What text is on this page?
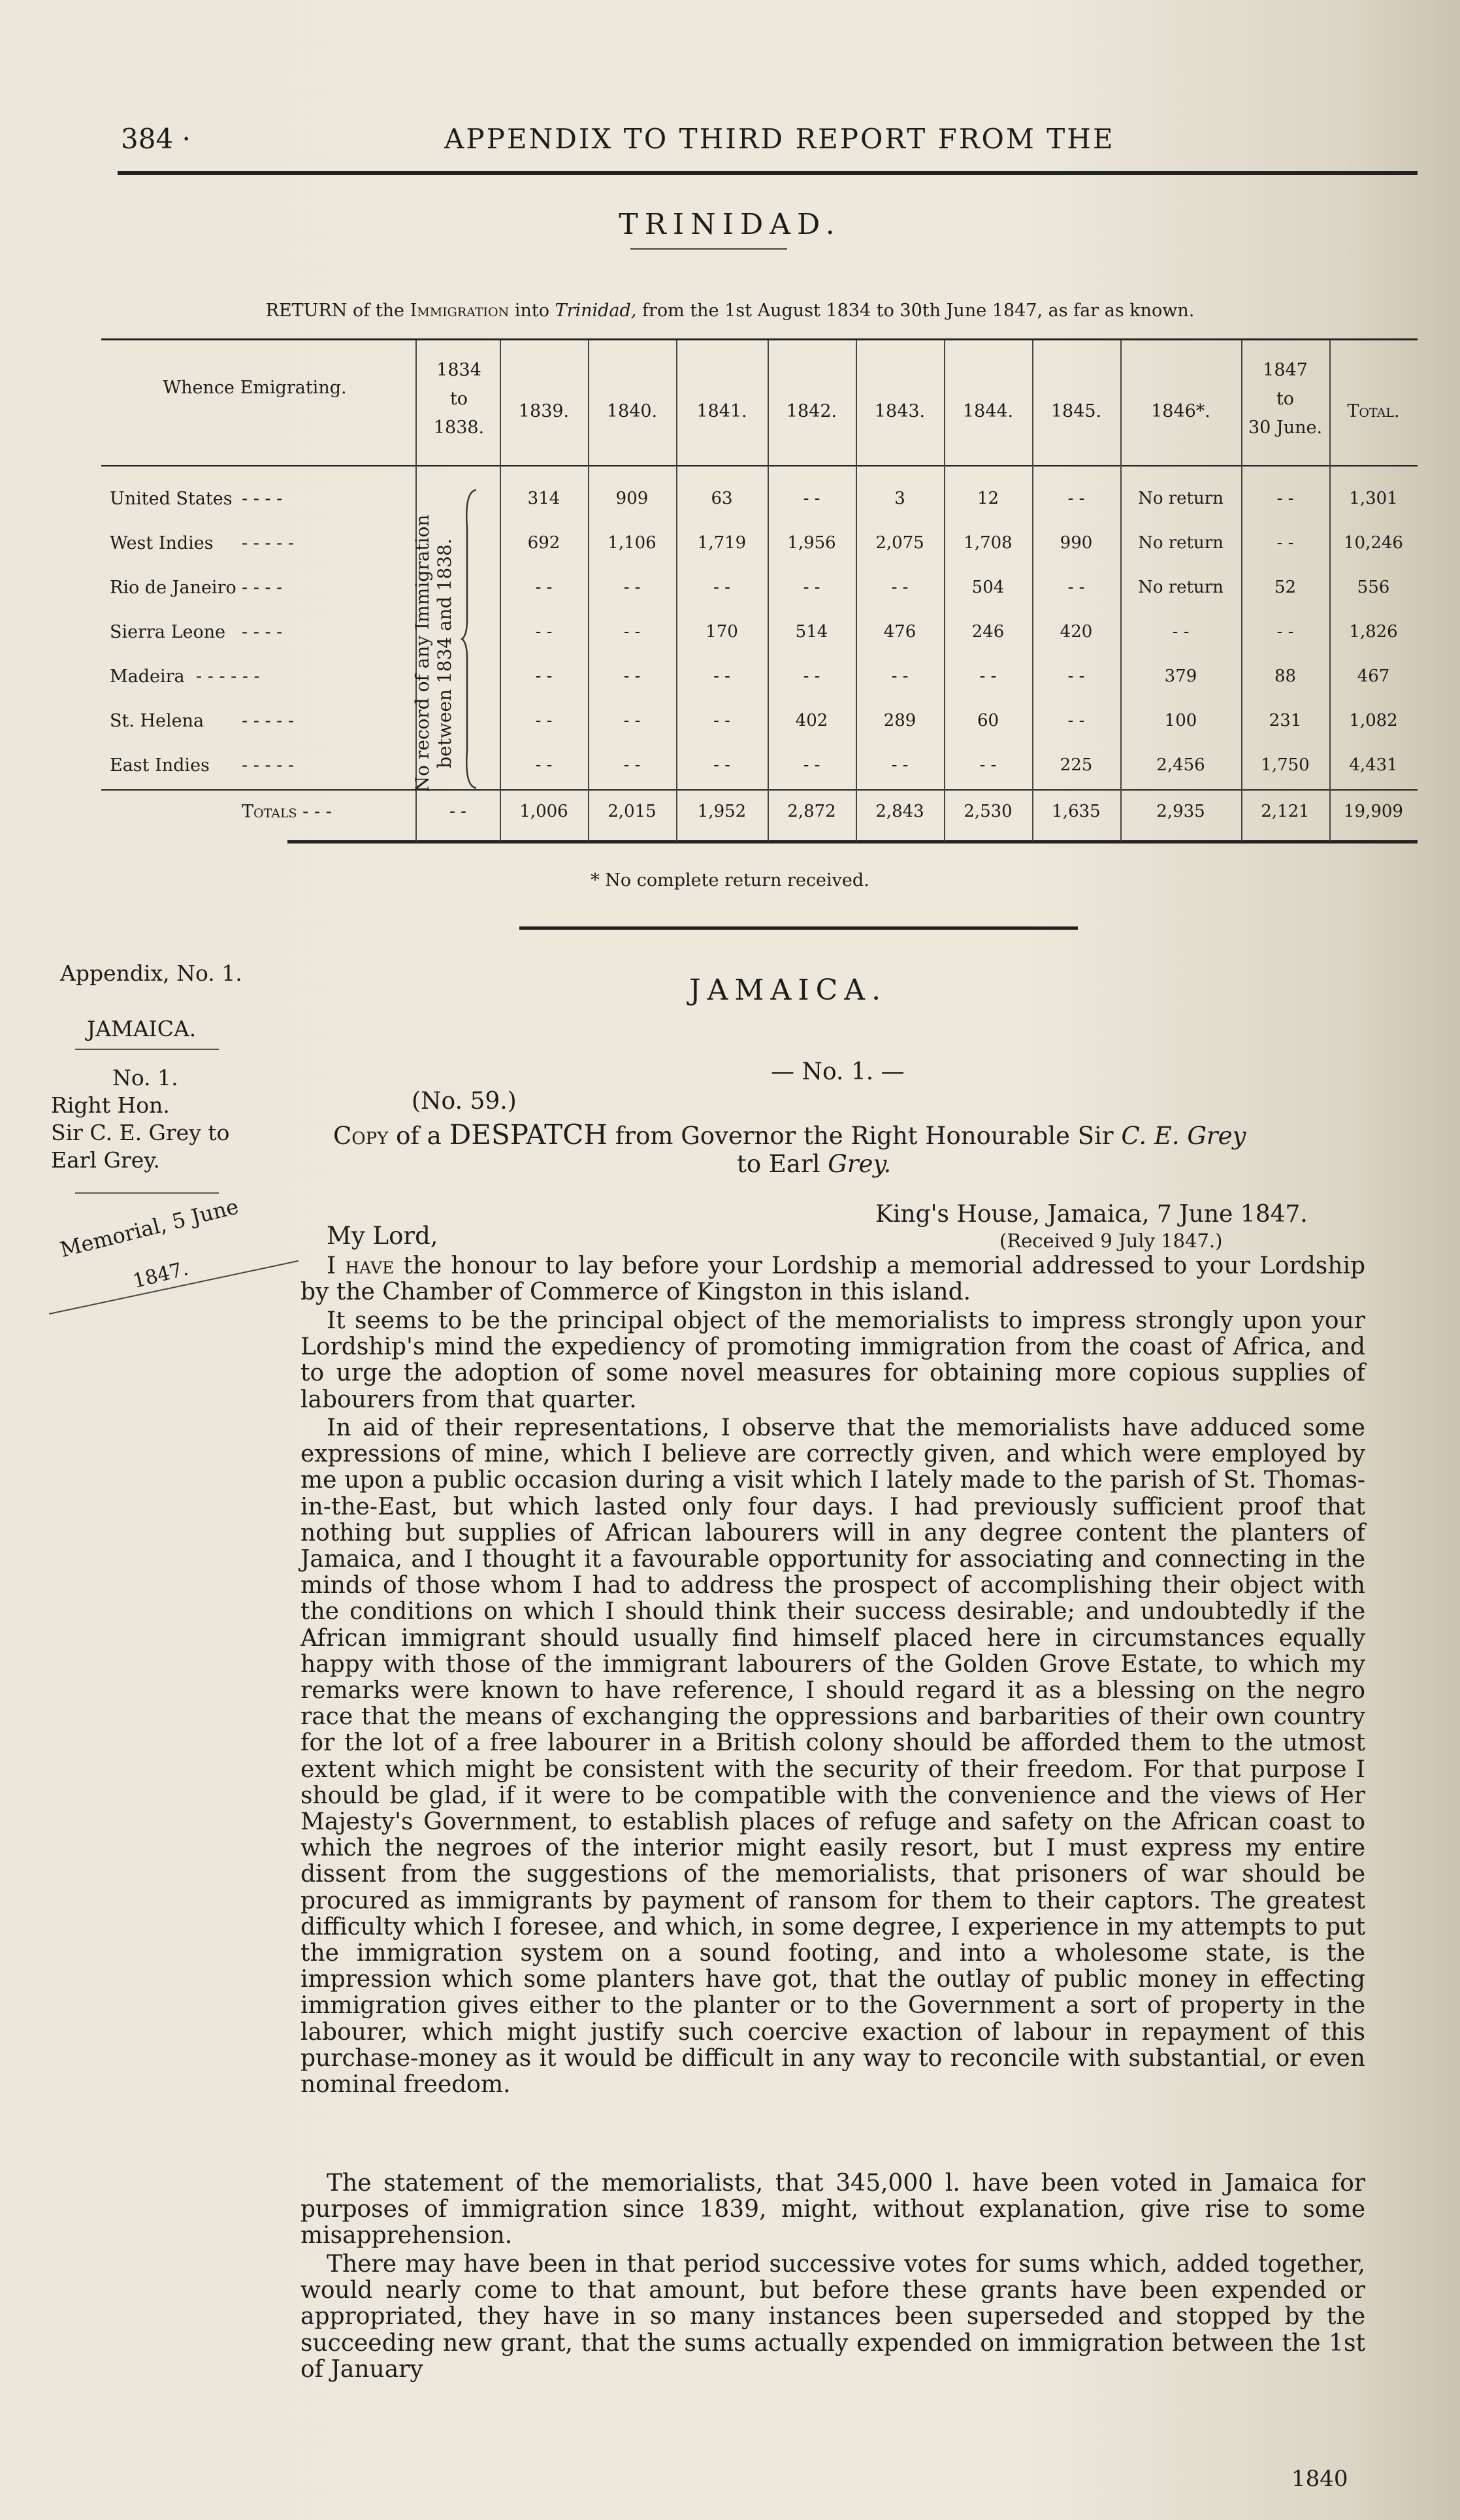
384 ·	APPENDIX TO THIRD REPORT FROM THE
TRINIDAD.
RETURN of the Immigration into Trinidad, from the 1st August 1834 to 30th June 1847, as far as known.
Whence Emigrating.
1834
to
1838.
1839.	1840.	1841.	1842.	1843.	1844.	1845.	1846*.
1847
to
30 June.
Total.
No record of any Immigration between 1834 and 1838.
United States - - - -	314	909	63	- -	3	12	- -	No return	- -	1,301
West Indies - - - - -	692	1,106	1,719	1,956	2,075	1,708	990	No return	- -	10,246
Rio de Janeiro - - - -	- -	- -	- -	- -	- -	504	- -	No return	52	556
Sierra Leone - - - -	- -	- -	170	514	476	246	420	- -	- -	1,826
Madeira - - - - - -	- -	- -	- -	- -	- -	- -	- -	379	88	467
St. Helena - - - - -	- -	- -	- -	402	289	60	- -	100	231	1,082
East Indies - - - - -	- -	- -	- -	- -	- -	- -	225	2,456	1,750	4,431
Totals - - -	- -	1,006	2,015	1,952	2,872	2,843	2,530	1,635	2,935	2,121	19,909
* No complete return received.
Appendix, No. 1.
JAMAICA.
No. 1.
Right Hon.
Sir C. E. Grey to
Earl Grey.
Memorial, 5 June
1847.
JAMAICA.
— No. 1. —
(No. 59.)
Copy of a DESPATCH from Governor the Right Honourable Sir C. E. Grey
to Earl Grey.
King's House, Jamaica, 7 June 1847.
(Received 9 July 1847.)
My Lord,

I have the honour to lay before your Lordship a memorial addressed to your Lordship by the Chamber of Commerce of Kingston in this island.

It seems to be the principal object of the memorialists to impress strongly upon your Lordship's mind the expediency of promoting immigration from the coast of Africa, and to urge the adoption of some novel measures for obtaining more copious supplies of labourers from that quarter.

In aid of their representations, I observe that the memorialists have adduced some expressions of mine, which I believe are correctly given, and which were employed by me upon a public occasion during a visit which I lately made to the parish of St. Thomas-in-the-East, but which lasted only four days. I had previously sufficient proof that nothing but supplies of African labourers will in any degree content the planters of Jamaica, and I thought it a favourable opportunity for associating and connecting in the minds of those whom I had to address the prospect of accomplishing their object with the conditions on which I should think their success desirable; and undoubtedly if the African immigrant should usually find himself placed here in circumstances equally happy with those of the immigrant labourers of the Golden Grove Estate, to which my remarks were known to have reference, I should regard it as a blessing on the negro race that the means of exchanging the oppressions and barbarities of their own country for the lot of a free labourer in a British colony should be afforded them to the utmost extent which might be consistent with the security of their freedom. For that purpose I should be glad, if it were to be compatible with the convenience and the views of Her Majesty's Government, to establish places of refuge and safety on the African coast to which the negroes of the interior might easily resort, but I must express my entire dissent from the suggestions of the memorialists, that prisoners of war should be procured as immigrants by payment of ransom for them to their captors. The greatest difficulty which I foresee, and which, in some degree, I experience in my attempts to put the immigration system on a sound footing, and into a wholesome state, is the impression which some planters have got, that the outlay of public money in effecting immigration gives either to the planter or to the Government a sort of property in the labourer, which might justify such coercive exaction of labour in repayment of this purchase-money as it would be difficult in any way to reconcile with substantial, or even nominal freedom.

The statement of the memorialists, that 345,000 l. have been voted in Jamaica for purposes of immigration since 1839, might, without explanation, give rise to some misapprehension.

There may have been in that period successive votes for sums which, added together, would nearly come to that amount, but before these grants have been expended or appropriated, they have in so many instances been superseded and stopped by the succeeding new grant, that the sums actually expended on immigration between the 1st of January

1840
